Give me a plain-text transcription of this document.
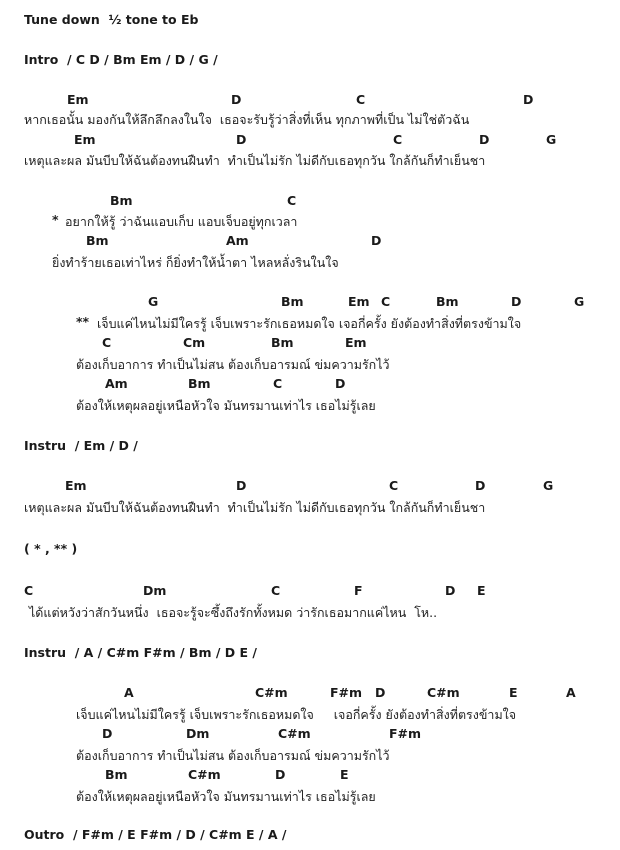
Tune down  ½ tone to Eb
Intro  / C D / Bm Em / D / G /
Em	D	C	D
หากเธอนั้น มองกันให้ลึกลึกลงในใจ  เธอจะรับรู้ว่าสิ่งที่เห็น ทุกภาพที่เป็น ไม่ใช่ตัวฉัน
Em	D	C	D	G
เหตุและผล มันบีบให้ฉันต้องทนฝืนทำ  ทำเป็นไม่รัก ไม่ดีกับเธอทุกวัน ใกล้กันก็ทำเย็นชา
Bm	C
* อยากให้รู้ ว่าฉันแอบเก็บ แอบเจ็บอยู่ทุกเวลา
Bm	Am	D
ยิ่งทำร้ายเธอเท่าไหร่ ก็ยิ่งทำให้น้ำตา ไหลหลั่งรินในใจ
G	Bm	Em C	Bm	D	G
** เจ็บแค่ไหนไม่มีใครรู้ เจ็บเพราะรักเธอหมดใจ เจอกี่ครั้ง ยังต้องทำสิ่งที่ตรงข้ามใจ
C	Cm	Bm	Em
ต้องเก็บอาการ ทำเป็นไม่สน ต้องเก็บอารมณ์ ข่มความรักไว้
Am	Bm	C	D
ต้องให้เหตุผลอยู่เหนือหัวใจ มันทรมานเท่าไร เธอไม่รู้เลย
Instru  / Em / D /
Em	D	C	D	G
เหตุและผล มันบีบให้ฉันต้องทนฝืนทำ  ทำเป็นไม่รัก ไม่ดีกับเธอทุกวัน ใกล้กันก็ทำเย็นชา
( * , ** )
C	Dm	C	F	D E
ได้แต่หวังว่าสักวันหนึ่ง  เธอจะรู้จะซึ้งถึงรักทั้งหมด ว่ารักเธอมากแค่ไหน  โห..
Instru  / A / C#m F#m / Bm / D E /
A	C#m	F#m D	C#m	E	A
เจ็บแค่ไหนไม่มีใครรู้ เจ็บเพราะรักเธอหมดใจ     เจอกี่ครั้ง ยังต้องทำสิ่งที่ตรงข้ามใจ
D	Dm	C#m	F#m
ต้องเก็บอาการ ทำเป็นไม่สน ต้องเก็บอารมณ์ ข่มความรักไว้
Bm	C#m	D	E
ต้องให้เหตุผลอยู่เหนือหัวใจ มันทรมานเท่าไร เธอไม่รู้เลย
Outro  / F#m / E F#m / D / C#m E / A /
